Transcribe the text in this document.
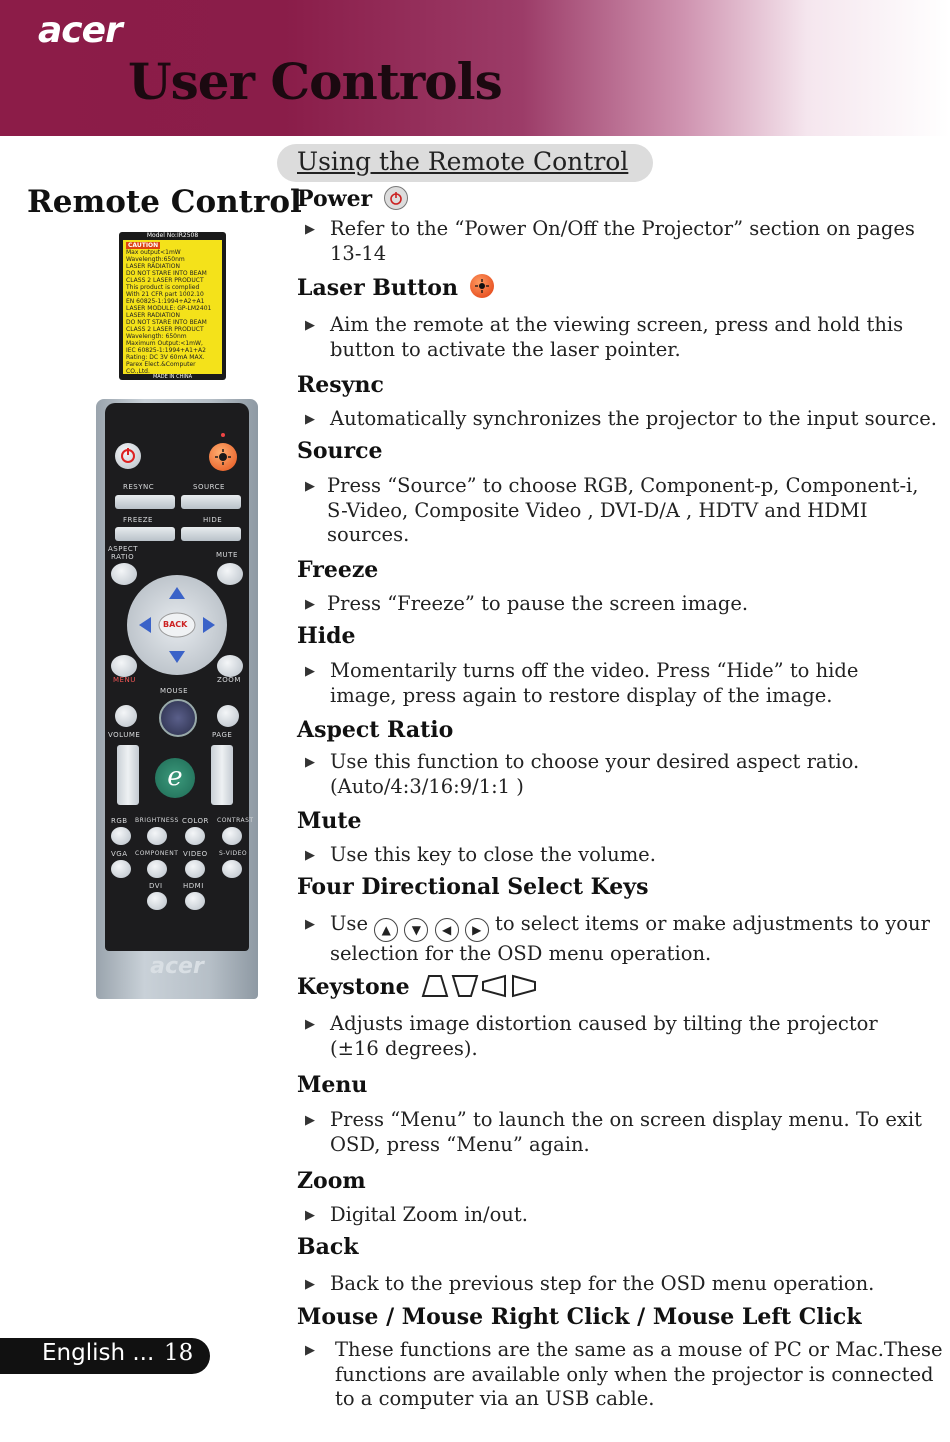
acer
User Controls
Using the Remote Control
Remote Control
Model No:IR2508
CAUTION
Max output<1mW
Wavelength:650nm
LASER RADIATION
DO NOT STARE INTO BEAM
CLASS 2 LASER PRODUCT
This product is complied
With 21 CFR part 1002.10
EN 60825-1:1994+A2+A1
LASER MODULE: GP-LM2401
LASER RADIATION
DO NOT STARE INTO BEAM
CLASS 2 LASER PRODUCT
Wavelength: 650nm
Maximum Output:<1mW,
IEC 60825-1:1994+A1+A2
Rating: DC 3V 60mA MAX.
Parex Elect.&Computer
CO.,Ltd.
MADE IN CHINA
RESYNC	SOURCE
FREEZE	HIDE
ASPECT
RATIO	MUTE
BACK
MENU	ZOOM
MOUSE
VOLUME	PAGE
e
RGB BRIGHTNESS COLOR CONTRAST
VGA COMPONENT VIDEO S-VIDEO
DVI	HDMI
acer
Power
▶ Refer to the “Power On/Off the Projector” section on pages 13-14
Laser Button
▶ Aim the remote at the viewing screen, press and hold this button to activate the laser pointer.
Resync
▶ Automatically synchronizes the projector to the input source.
Source
▶ Press “Source” to choose RGB, Component-p, Component-i, S-Video, Composite Video , DVI-D/A , HDTV and HDMI sources.
Freeze
▶ Press “Freeze” to pause the screen image.
Hide
▶ Momentarily turns off the video. Press “Hide” to hide image, press again to restore display of the image.
Aspect Ratio
▶ Use this function to choose your desired aspect ratio. (Auto/4:3/16:9/1:1 )
Mute
▶ Use this key to close the volume.
Four Directional Select Keys
▶ Use ▲ ▼ ◀ ▶ to select items or make adjustments to your selection for the OSD menu operation.
Keystone
▶ Adjusts image distortion caused by tilting the projector (±16 degrees).
Menu
▶ Press “Menu” to launch the on screen display menu. To exit OSD, press “Menu” again.
Zoom
▶ Digital Zoom in/out.
Back
▶ Back to the previous step for the OSD menu operation.
Mouse / Mouse Right Click / Mouse Left Click
▶ These functions are the same as a mouse of PC or Mac.These functions are available only when the projector is connected to a computer via an USB cable.
English ... 18
